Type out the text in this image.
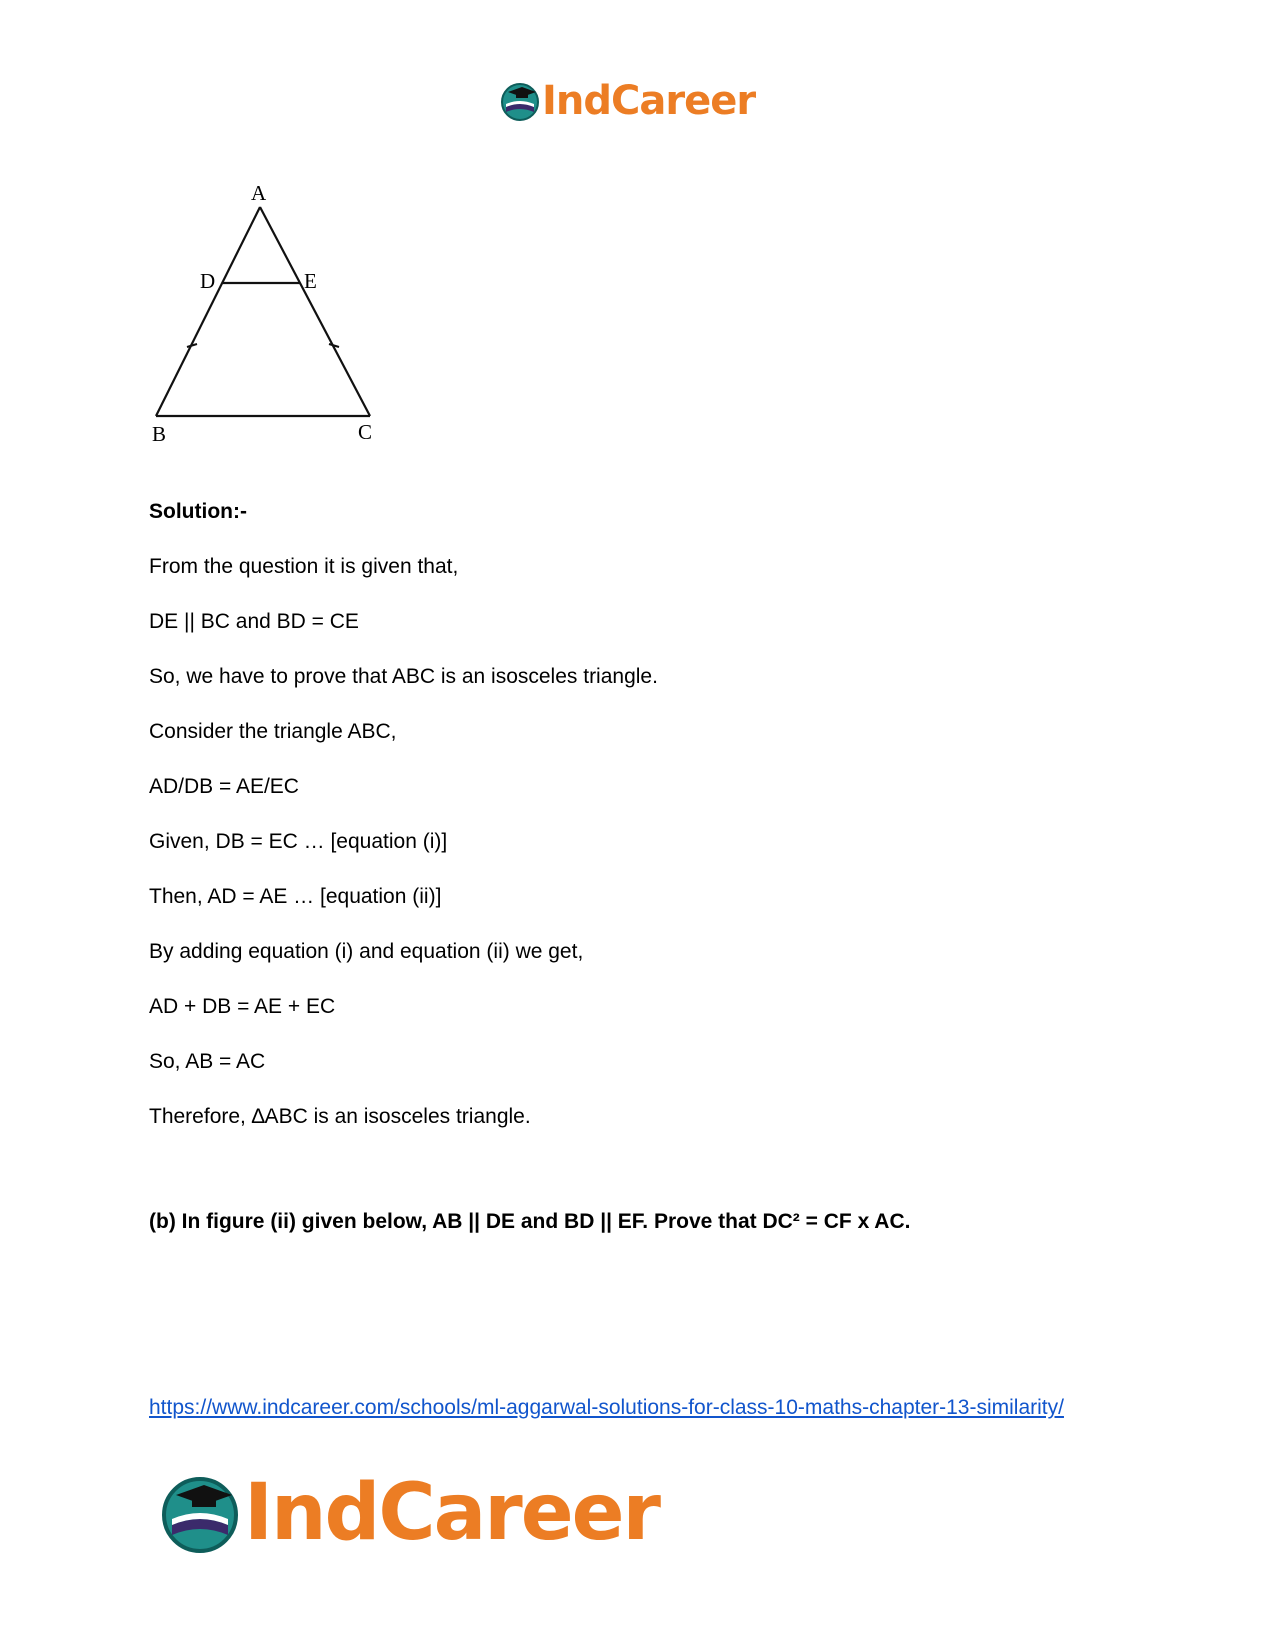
IndCareer
A
D	E
B	C
Solution:-
From the question it is given that,
DE || BC and BD = CE
So, we have to prove that ABC is an isosceles triangle.
Consider the triangle ABC,
AD/DB = AE/EC
Given, DB = EC … [equation (i)]
Then, AD = AE … [equation (ii)]
By adding equation (i) and equation (ii) we get,
AD + DB = AE + EC
So, AB = AC
Therefore, ∆ABC is an isosceles triangle.
(b) In figure (ii) given below, AB || DE and BD || EF. Prove that DC² = CF x AC.
https://www.indcareer.com/schools/ml-aggarwal-solutions-for-class-10-maths-chapter-13-similarity/
IndCareer
